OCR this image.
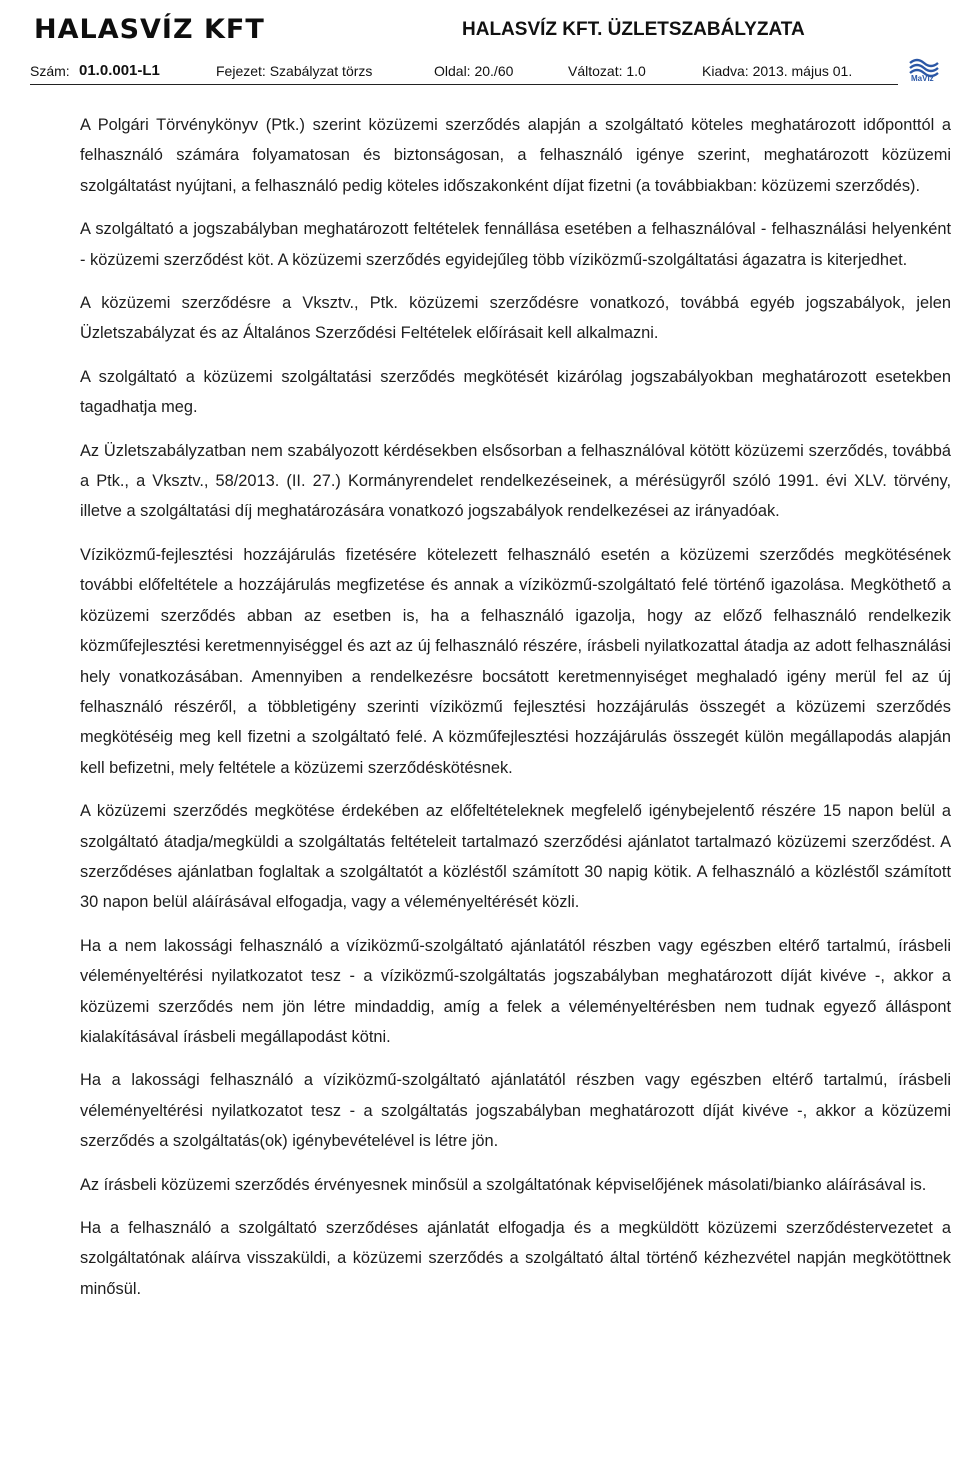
HALASVÍZ KFT	HALASVÍZ KFT. ÜZLETSZABÁLYZATA
Szám: 01.0.001-L1	Fejezet: Szabályzat törzs	Oldal: 20./60	Változat: 1.0	Kiadva: 2013. május 01.	MaVíz

A Polgári Törvénykönyv (Ptk.) szerint közüzemi szerződés alapján a szolgáltató köteles meghatározott időponttól a felhasználó számára folyamatosan és biztonságosan, a felhasználó igénye szerint, meghatározott közüzemi szolgáltatást nyújtani, a felhasználó pedig köteles időszakonként díjat fizetni (a továbbiakban: közüzemi szerződés).

A szolgáltató a jogszabályban meghatározott feltételek fennállása esetében a felhasználóval - felhasználási helyenként - közüzemi szerződést köt. A közüzemi szerződés egyidejűleg több víziközmű-szolgáltatási ágazatra is kiterjedhet.

A közüzemi szerződésre a Vksztv., Ptk. közüzemi szerződésre vonatkozó, továbbá egyéb jogszabályok, jelen Üzletszabályzat és az Általános Szerződési Feltételek előírásait kell alkalmazni.

A szolgáltató a közüzemi szolgáltatási szerződés megkötését kizárólag jogszabályokban meghatározott esetekben tagadhatja meg.

Az Üzletszabályzatban nem szabályozott kérdésekben elsősorban a felhasználóval kötött közüzemi szerződés, továbbá a Ptk., a Vksztv., 58/2013. (II. 27.) Kormányrendelet rendelkezéseinek, a mérésügyről szóló 1991. évi XLV. törvény, illetve a szolgáltatási díj meghatározására vonatkozó jogszabályok rendelkezései az irányadóak.

Víziközmű-fejlesztési hozzájárulás fizetésére kötelezett felhasználó esetén a közüzemi szerződés megkötésének további előfeltétele a hozzájárulás megfizetése és annak a víziközmű-szolgáltató felé történő igazolása. Megköthető a közüzemi szerződés abban az esetben is, ha a felhasználó igazolja, hogy az előző felhasználó rendelkezik közműfejlesztési keretmennyiséggel és azt az új felhasználó részére, írásbeli nyilatkozattal átadja az adott felhasználási hely vonatkozásában. Amennyiben a rendelkezésre bocsátott keretmennyiséget meghaladó igény merül fel az új felhasználó részéről, a többletigény szerinti víziközmű fejlesztési hozzájárulás összegét a közüzemi szerződés megkötéséig meg kell fizetni a szolgáltató felé. A közműfejlesztési hozzájárulás összegét külön megállapodás alapján kell befizetni, mely feltétele a közüzemi szerződéskötésnek.

A közüzemi szerződés megkötése érdekében az előfeltételeknek megfelelő igénybejelentő részére 15 napon belül a szolgáltató átadja/megküldi a szolgáltatás feltételeit tartalmazó szerződési ajánlatot tartalmazó közüzemi szerződést. A szerződéses ajánlatban foglaltak a szolgáltatót a közléstől számított 30 napig kötik. A felhasználó a közléstől számított 30 napon belül aláírásával elfogadja, vagy a véleményeltérését közli.

Ha a nem lakossági felhasználó a víziközmű-szolgáltató ajánlatától részben vagy egészben eltérő tartalmú, írásbeli véleményeltérési nyilatkozatot tesz - a víziközmű-szolgáltatás jogszabályban meghatározott díját kivéve -, akkor a közüzemi szerződés nem jön létre mindaddig, amíg a felek a véleményeltérésben nem tudnak egyező álláspont kialakításával írásbeli megállapodást kötni.

Ha a lakossági felhasználó a víziközmű-szolgáltató ajánlatától részben vagy egészben eltérő tartalmú, írásbeli véleményeltérési nyilatkozatot tesz - a szolgáltatás jogszabályban meghatározott díját kivéve -, akkor a közüzemi szerződés a szolgáltatás(ok) igénybevételével is létre jön.

Az írásbeli közüzemi szerződés érvényesnek minősül a szolgáltatónak képviselőjének másolati/bianko aláírásával is.

Ha a felhasználó a szolgáltató szerződéses ajánlatát elfogadja és a megküldött közüzemi szerződéstervezetet a szolgáltatónak aláírva visszaküldi, a közüzemi szerződés a szolgáltató által történő kézhezvétel napján megkötöttnek minősül.
